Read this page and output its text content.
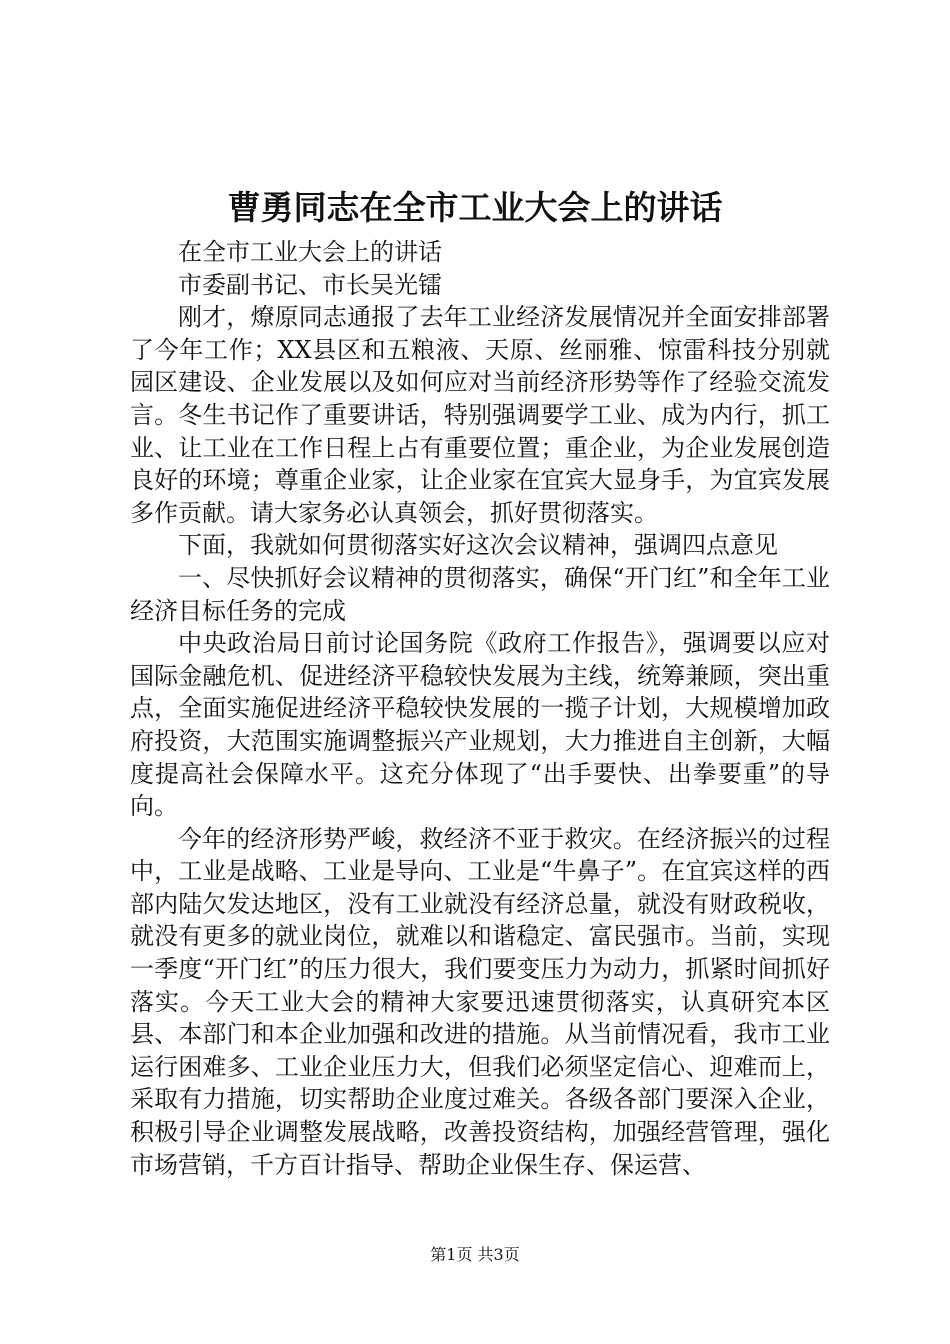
曹勇同志在全市工业大会上的讲话

在全市工业大会上的讲话

市委副书记、市长吴光镭

刚才，燎原同志通报了去年工业经济发展情况并全面安排部署了今年工作；XX县区和五粮液、天原、丝丽雅、惊雷科技分别就园区建设、企业发展以及如何应对当前经济形势等作了经验交流发言。冬生书记作了重要讲话，特别强调要学工业、成为内行，抓工业、让工业在工作日程上占有重要位置；重企业，为企业发展创造良好的环境；尊重企业家，让企业家在宜宾大显身手，为宜宾发展多作贡献。请大家务必认真领会，抓好贯彻落实。

下面，我就如何贯彻落实好这次会议精神，强调四点意见

一、尽快抓好会议精神的贯彻落实，确保“开门红”和全年工业经济目标任务的完成

中央政治局日前讨论国务院《政府工作报告》，强调要以应对国际金融危机、促进经济平稳较快发展为主线，统筹兼顾，突出重点，全面实施促进经济平稳较快发展的一揽子计划，大规模增加政府投资，大范围实施调整振兴产业规划，大力推进自主创新，大幅度提高社会保障水平。这充分体现了“出手要快、出拳要重”的导向。

今年的经济形势严峻，救经济不亚于救灾。在经济振兴的过程中，工业是战略、工业是导向、工业是“牛鼻子”。在宜宾这样的西部内陆欠发达地区，没有工业就没有经济总量，就没有财政税收，就没有更多的就业岗位，就难以和谐稳定、富民强市。当前，实现一季度“开门红”的压力很大，我们要变压力为动力，抓紧时间抓好落实。今天工业大会的精神大家要迅速贯彻落实，认真研究本区县、本部门和本企业加强和改进的措施。从当前情况看，我市工业运行困难多、工业企业压力大，但我们必须坚定信心、迎难而上，采取有力措施，切实帮助企业度过难关。各级各部门要深入企业，积极引导企业调整发展战略，改善投资结构，加强经营管理，强化市场营销，千方百计指导、帮助企业保生存、保运营、

第1页 共3页
